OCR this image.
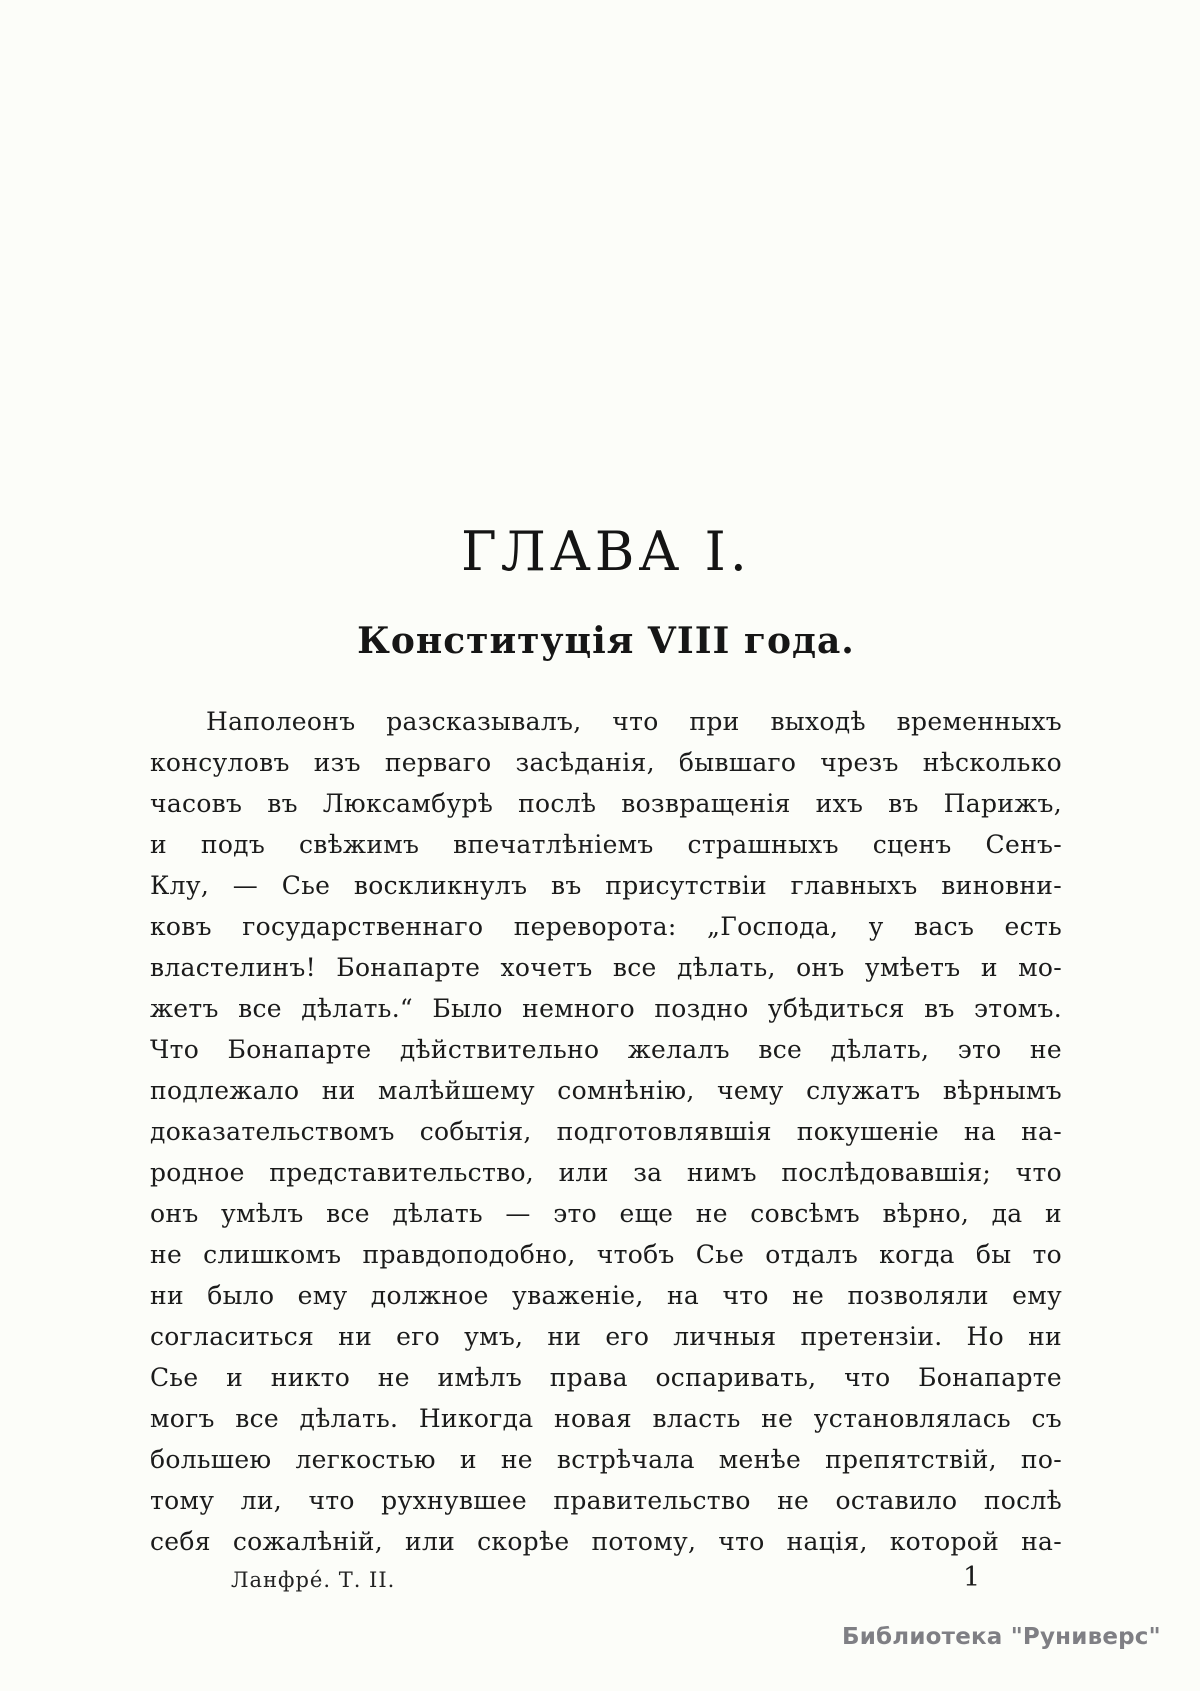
ГЛАВА I.
Конституція VIII года.
Наполеонъ разсказывалъ, что при выходѣ временныхъ
консуловъ изъ перваго засѣданія, бывшаго чрезъ нѣсколько
часовъ въ Люксамбурѣ послѣ возвращенія ихъ въ Парижъ,
и подъ свѣжимъ впечатлѣніемъ страшныхъ сценъ Сенъ-
Клу, — Сье воскликнулъ въ присутствіи главныхъ виновни-
ковъ государственнаго переворота: „Господа, у васъ есть
властелинъ! Бонапарте хочетъ все дѣлать, онъ умѣетъ и мо-
жетъ все дѣлать.“ Было немного поздно убѣдиться въ этомъ.
Что Бонапарте дѣйствительно желалъ все дѣлать, это не
подлежало ни малѣйшему сомнѣнію, чему служатъ вѣрнымъ
доказательствомъ событія, подготовлявшія покушеніе на на-
родное представительство, или за нимъ послѣдовавшія; что
онъ умѣлъ все дѣлать — это еще не совсѣмъ вѣрно, да и
не слишкомъ правдоподобно, чтобъ Сье отдалъ когда бы то
ни было ему должное уваженіе, на что не позволяли ему
согласиться ни его умъ, ни его личныя претензіи. Но ни
Сье и никто не имѣлъ права оспаривать, что Бонапарте
могъ все дѣлать. Никогда новая власть не установлялась съ
большею легкостью и не встрѣчала менѣе препятствій, по-
тому ли, что рухнувшее правительство не оставило послѣ
себя сожалѣній, или скорѣе потому, что нація, которой на-
Ланфрé. Т. II.	1
Библиотека "Руниверс"
